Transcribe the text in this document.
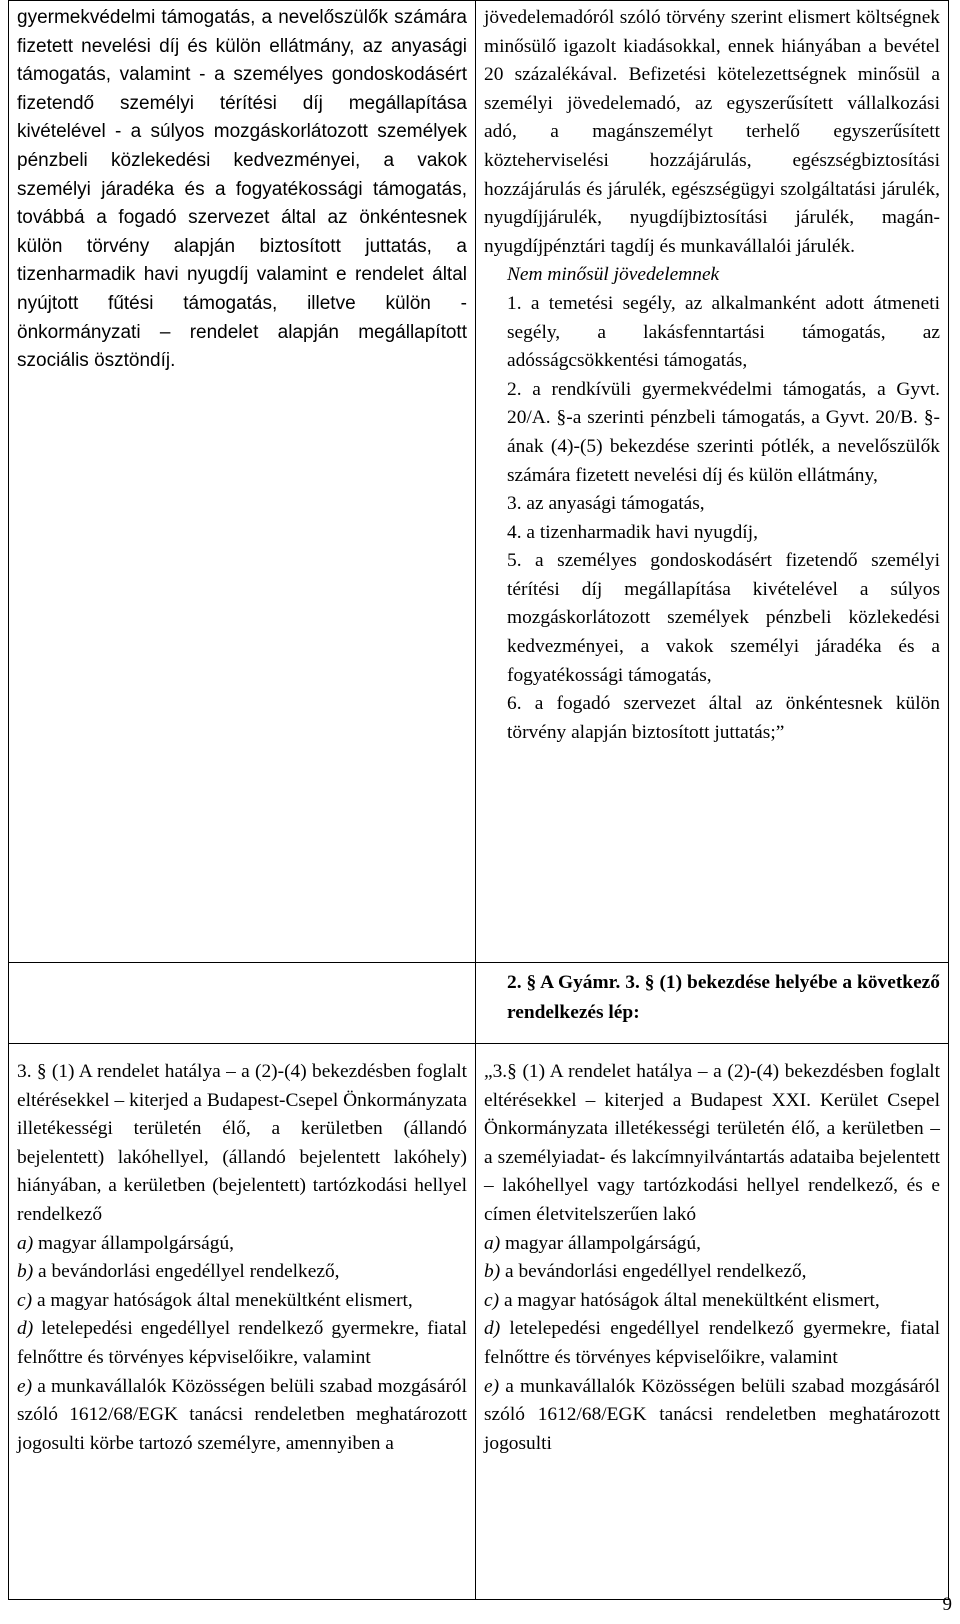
gyermekvédelmi támogatás, a nevelőszülők számára fizetett nevelési díj és külön ellátmány, az anyasági támogatás, valamint - a személyes gondoskodásért fizetendő személyi térítési díj megállapítása kivételével - a súlyos mozgáskorlátozott személyek pénzbeli közlekedési kedvezményei, a vakok személyi járadéka és a fogyatékossági támogatás, továbbá a fogadó szervezet által az önkéntesnek külön törvény alapján biztosított juttatás, a tizenharmadik havi nyugdíj valamint e rendelet által nyújtott fűtési támogatás, illetve külön - önkormányzati – rendelet alapján megállapított szociális ösztöndíj.

jövedelemadóról szóló törvény szerint elismert költségnek minősülő igazolt kiadásokkal, ennek hiányában a bevétel 20 százalékával. Befizetési kötelezettségnek minősül a személyi jövedelemadó, az egyszerűsített vállalkozási adó, a magánszemélyt terhelő egyszerűsített közteherviselési hozzájárulás, egészségbiztosítási hozzájárulás és járulék, egészségügyi szolgáltatási járulék, nyugdíjjárulék, nyugdíjbiztosítási járulék, magán-nyugdíjpénztári tagdíj és munkavállalói járulék.

Nem minősül jövedelemnek

1. a temetési segély, az alkalmanként adott átmeneti segély, a lakásfenntartási támogatás, az adósságcsökkentési támogatás,

2. a rendkívüli gyermekvédelmi támogatás, a Gyvt. 20/A. §-a szerinti pénzbeli támogatás, a Gyvt. 20/B. §-ának (4)-(5) bekezdése szerinti pótlék, a nevelőszülők számára fizetett nevelési díj és külön ellátmány,

3. az anyasági támogatás,

4. a tizenharmadik havi nyugdíj,

5. a személyes gondoskodásért fizetendő személyi térítési díj megállapítása kivételével a súlyos mozgáskorlátozott személyek pénzbeli közlekedési kedvezményei, a vakok személyi járadéka és a fogyatékossági támogatás,

6. a fogadó szervezet által az önkéntesnek külön törvény alapján biztosított juttatás;”

2. § A Gyámr. 3. § (1) bekezdése helyébe a következő rendelkezés lép:

3. § (1) A rendelet hatálya – a (2)-(4) bekezdésben foglalt eltérésekkel – kiterjed a Budapest-Csepel Önkormányzata illetékességi területén élő, a kerületben (állandó bejelentett) lakóhellyel, (állandó bejelentett lakóhely) hiányában, a kerületben (bejelentett) tartózkodási hellyel rendelkező

a) magyar állampolgárságú,

b) a bevándorlási engedéllyel rendelkező,

c) a magyar hatóságok által menekültként elismert,

d) letelepedési engedéllyel rendelkező gyermekre, fiatal felnőttre és törvényes képviselőikre, valamint

e) a munkavállalók Közösségen belüli szabad mozgásáról szóló 1612/68/EGK tanácsi rendeletben meghatározott jogosulti körbe tartozó személyre, amennyiben a

„3.§ (1) A rendelet hatálya – a (2)-(4) bekezdésben foglalt eltérésekkel – kiterjed a Budapest XXI. Kerület Csepel Önkormányzata illetékességi területén élő, a kerületben – a személyiadat- és lakcímnyilvántartás adataiba bejelentett – lakóhellyel vagy tartózkodási hellyel rendelkező, és e címen életvitelszerűen lakó

a) magyar állampolgárságú,

b) a bevándorlási engedéllyel rendelkező,

c) a magyar hatóságok által menekültként elismert,

d) letelepedési engedéllyel rendelkező gyermekre, fiatal felnőttre és törvényes képviselőikre, valamint

e) a munkavállalók Közösségen belüli szabad mozgásáról szóló 1612/68/EGK tanácsi rendeletben meghatározott jogosulti

9
